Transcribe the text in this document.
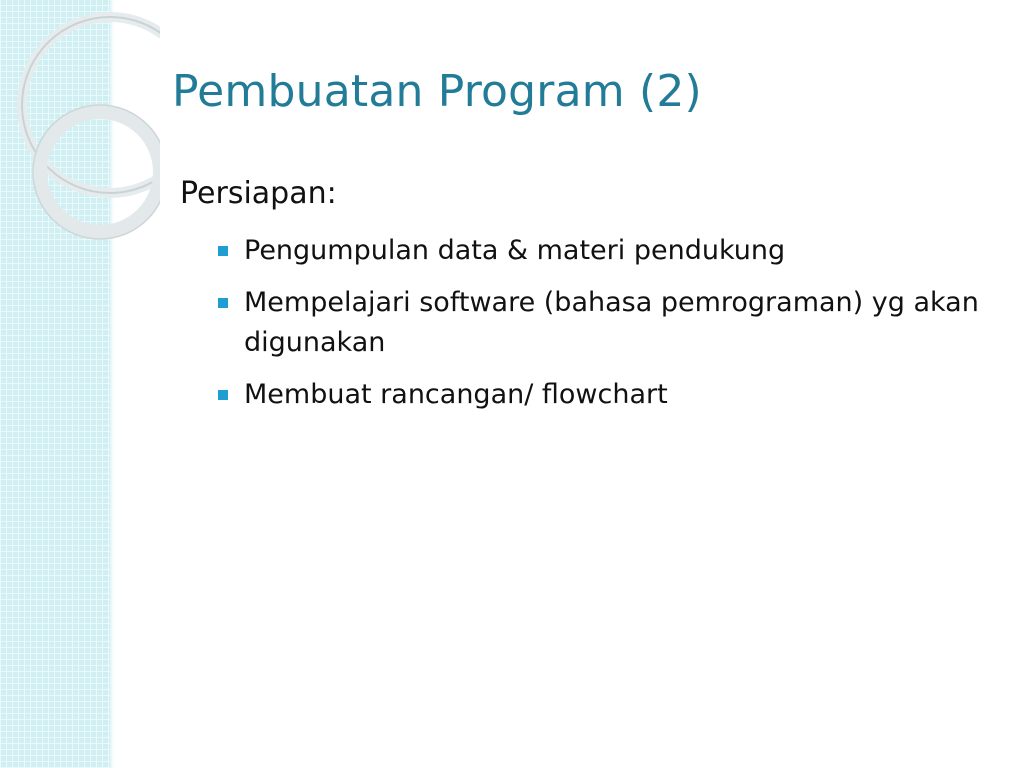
Pembuatan Program (2)

Persiapan:

Pengumpulan data & materi pendukung
Mempelajari software (bahasa pemrograman) yg akan digunakan
Membuat rancangan/ flowchart
